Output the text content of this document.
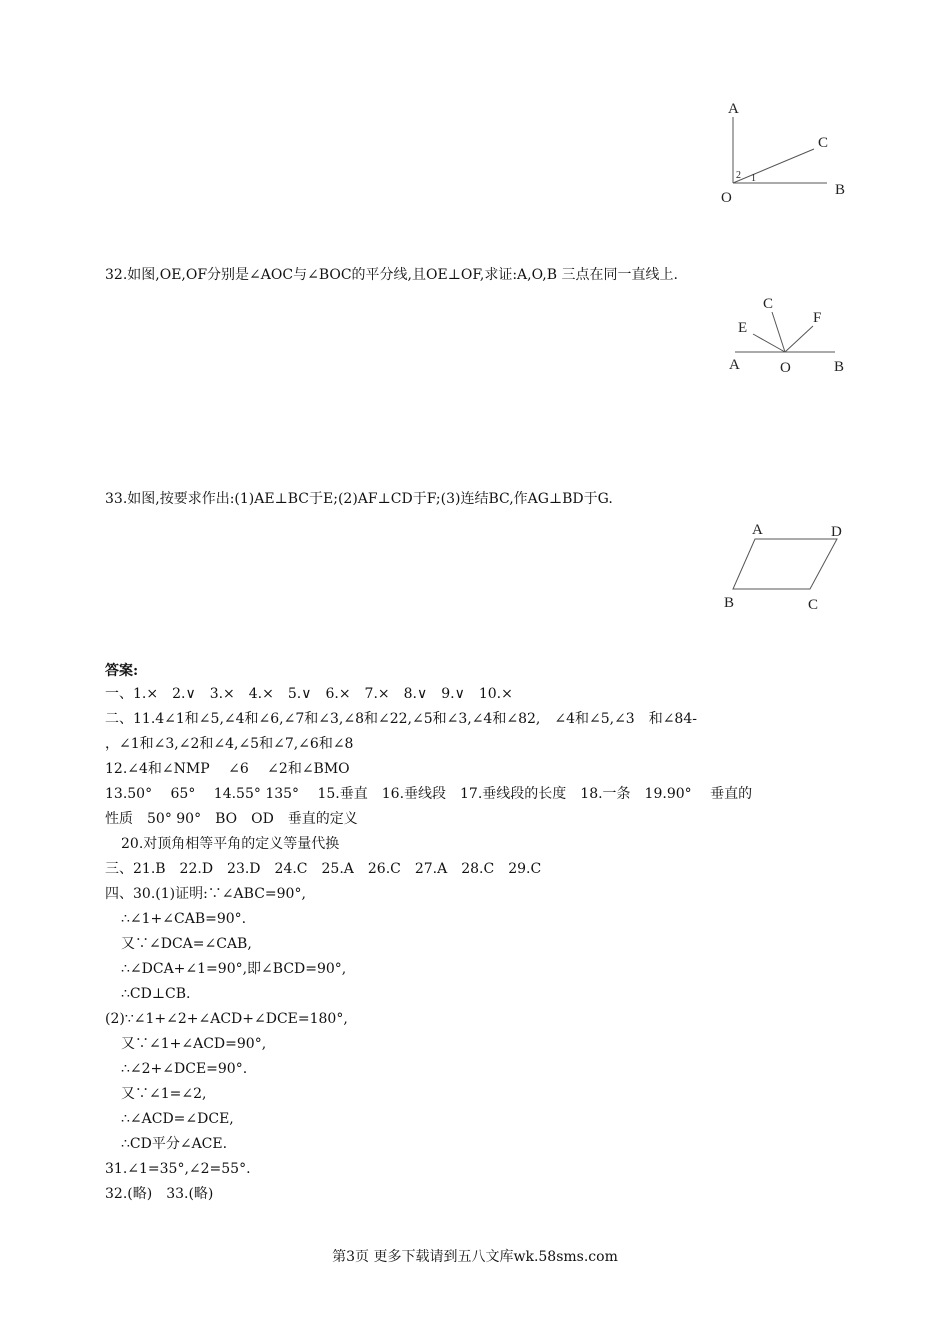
A
C
O	B
2 1
32.如图,OE,OF分别是∠AOC与∠BOC的平分线,且OE⊥OF,求证:A,O,B 三点在同一直线上.
C
E
F
A	O	B
33.如图,按要求作出:(1)AE⊥BC于E;(2)AF⊥CD于F;(3)连结BC,作AG⊥BD于G.
A	D
B	C
答案:
一、1.×　2.∨　3.×　4.×　5.∨　6.×　7.×　8.∨　9.∨　10.×
二、11.4∠1和∠5,∠4和∠6,∠7和∠3,∠8和∠22,∠5和∠3,∠4和∠82,　∠4和∠5,∠3　和∠84-
，∠1和∠3,∠2和∠4,∠5和∠7,∠6和∠8
12.∠4和∠NMP　 ∠6　 ∠2和∠BMO
13.50°　 65°　 14.55° 135°　 15.垂直　16.垂线段　17.垂线段的长度　18.一条　19.90°　 垂直的
性质　50° 90°　BO　OD　垂直的定义
20.对顶角相等平角的定义等量代换
三、21.B　22.D　23.D　24.C　25.A　26.C　27.A　28.C　29.C
四、30.(1)证明:∵∠ABC=90°,
∴∠1+∠CAB=90°.
又∵∠DCA=∠CAB,
∴∠DCA+∠1=90°,即∠BCD=90°,
∴CD⊥CB.
(2)∵∠1+∠2+∠ACD+∠DCE=180°,
又∵∠1+∠ACD=90°,
∴∠2+∠DCE=90°.
又∵∠1=∠2,
∴∠ACD=∠DCE,
∴CD平分∠ACE.
31.∠1=35°,∠2=55°.
32.(略)　33.(略)
第3页 更多下载请到五八文库wk.58sms.com
